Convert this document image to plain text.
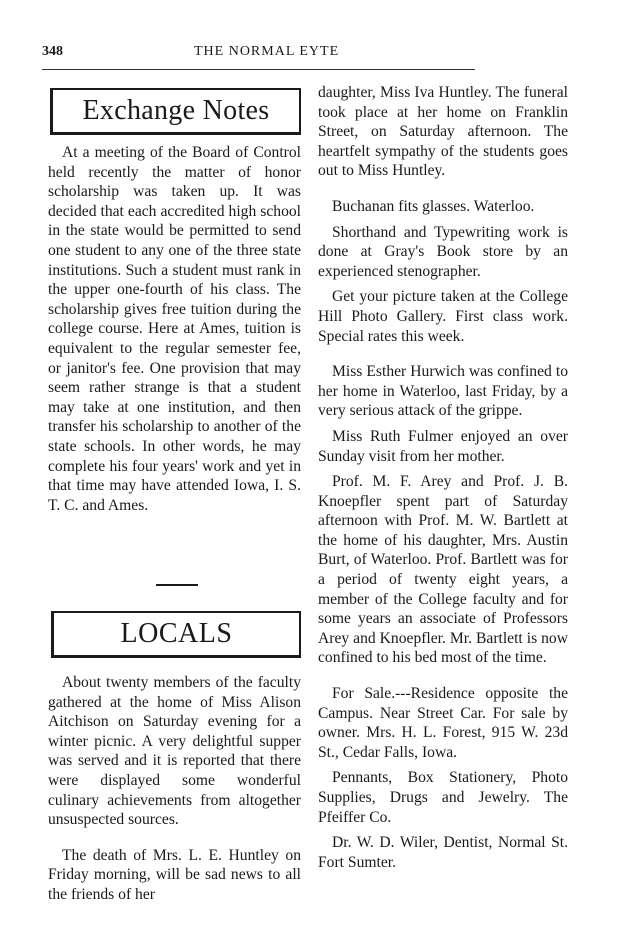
348	THE NORMAL EYTE
Exchange Notes

At a meeting of the Board of Control held recently the matter of honor scholarship was taken up. It was decided that each accredited high school in the state would be permitted to send one student to any one of the three state institutions. Such a student must rank in the upper one-fourth of his class. The scholarship gives free tuition during the college course. Here at Ames, tuition is equivalent to the regular semester fee, or janitor's fee. One provision that may seem rather strange is that a student may take at one institution, and then transfer his scholarship to another of the state schools. In other words, he may complete his four years' work and yet in that time may have attended Iowa, I. S. T. C. and Ames.

LOCALS

About twenty members of the faculty gathered at the home of Miss Alison Aitchison on Saturday evening for a winter picnic. A very delightful supper was served and it is reported that there were displayed some wonderful culinary achievements from altogether unsuspected sources.

The death of Mrs. L. E. Huntley on Friday morning, will be sad news to all the friends of her

daughter, Miss Iva Huntley. The funeral took place at her home on Franklin Street, on Saturday afternoon. The heartfelt sympathy of the students goes out to Miss Huntley.

Buchanan fits glasses. Waterloo.

Shorthand and Typewriting work is done at Gray's Book store by an experienced stenographer.

Get your picture taken at the College Hill Photo Gallery. First class work. Special rates this week.

Miss Esther Hurwich was confined to her home in Waterloo, last Friday, by a very serious attack of the grippe.

Miss Ruth Fulmer enjoyed an over Sunday visit from her mother.

Prof. M. F. Arey and Prof. J. B. Knoepfler spent part of Saturday afternoon with Prof. M. W. Bartlett at the home of his daughter, Mrs. Austin Burt, of Waterloo. Prof. Bartlett was for a period of twenty eight years, a member of the College faculty and for some years an associate of Professors Arey and Knoepfler. Mr. Bartlett is now confined to his bed most of the time.

For Sale.---Residence opposite the Campus. Near Street Car. For sale by owner. Mrs. H. L. Forest, 915 W. 23d St., Cedar Falls, Iowa.

Pennants, Box Stationery, Photo Supplies, Drugs and Jewelry. The Pfeiffer Co.

Dr. W. D. Wiler, Dentist, Normal St. Fort Sumter.
